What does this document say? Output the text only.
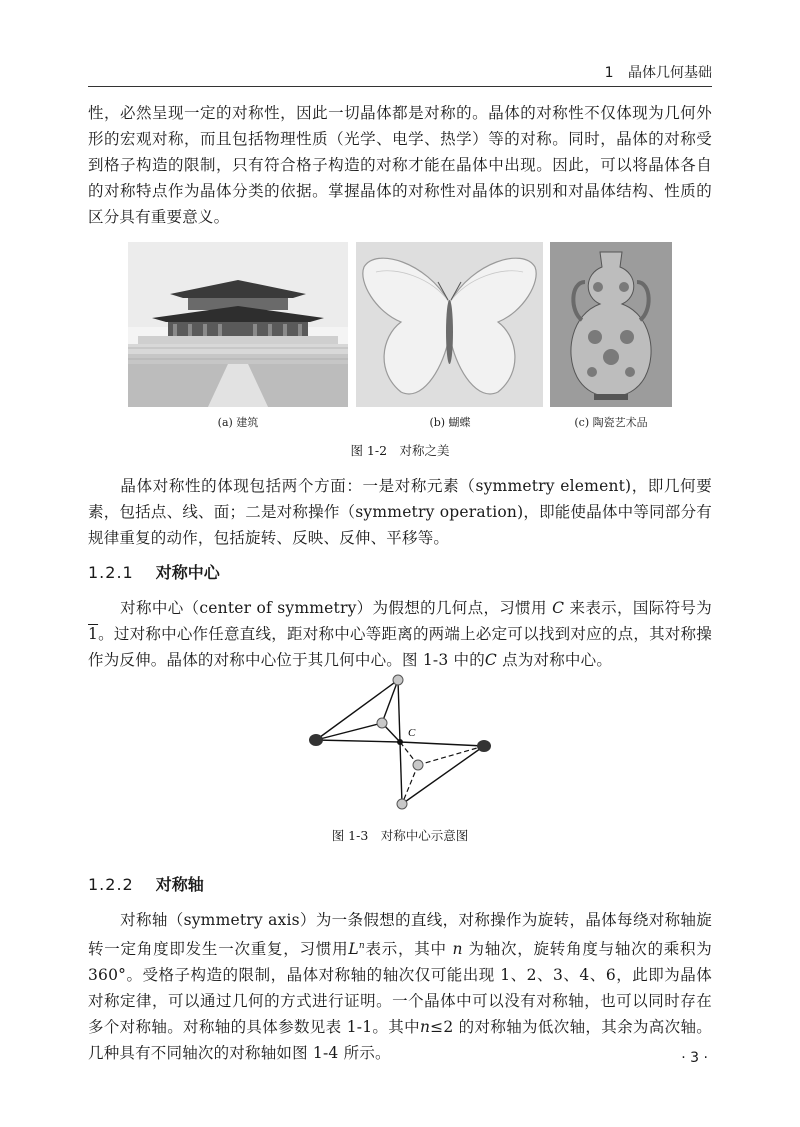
1 晶体几何基础
性，必然呈现一定的对称性，因此一切晶体都是对称的。晶体的对称性不仅体现为几何外形的宏观对称，而且包括物理性质（光学、电学、热学）等的对称。同时，晶体的对称受到格子构造的限制，只有符合格子构造的对称才能在晶体中出现。因此，可以将晶体各自的对称特点作为晶体分类的依据。掌握晶体的对称性对晶体的识别和对晶体结构、性质的区分具有重要意义。
(a) 建筑	(b) 蝴蝶	(c) 陶瓷艺术品
图 1-2　对称之美
晶体对称性的体现包括两个方面：一是对称元素（symmetry element)，即几何要素，包括点、线、面；二是对称操作（symmetry operation)，即能使晶体中等同部分有规律重复的动作，包括旋转、反映、反伸、平移等。
1.2.1 对称中心
对称中心（center of symmetry）为假想的几何点，习惯用 C 来表示，国际符号为1。过对称中心作任意直线，距对称中心等距离的两端上必定可以找到对应的点，其对称操作为反伸。晶体的对称中心位于其几何中心。图 1-3 中的C 点为对称中心。
C
图 1-3　对称中心示意图
1.2.2 对称轴
对称轴（symmetry axis）为一条假想的直线，对称操作为旋转，晶体每绕对称轴旋转一定角度即发生一次重复，习惯用$L^n$表示，其中 n 为轴次，旋转角度与轴次的乘积为360°。受格子构造的限制，晶体对称轴的轴次仅可能出现 1、2、3、4、6，此即为晶体对称定律，可以通过几何的方式进行证明。一个晶体中可以没有对称轴，也可以同时存在多个对称轴。对称轴的具体参数见表 1-1。其中n≤2 的对称轴为低次轴，其余为高次轴。几种具有不同轴次的对称轴如图 1-4 所示。	· 3 ·
